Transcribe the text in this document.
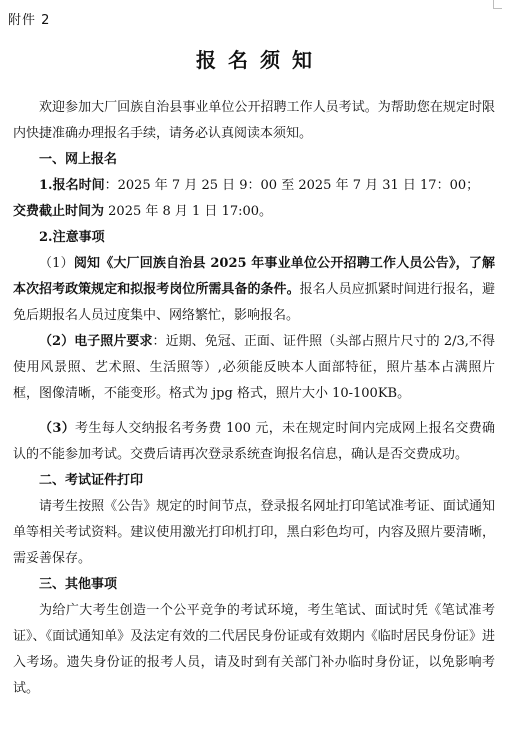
附件 2
报名须知

欢迎参加大厂回族自治县事业单位公开招聘工作人员考试。为帮助您在规定时限内快捷准确办理报名手续，请务必认真阅读本须知。

一、网上报名

1.报名时间：2025 年 7 月 25 日 9：00 至 2025 年 7 月 31 日 17：00；
交费截止时间为 2025 年 8 月 1 日 17:00。

2.注意事项

（1）阅知《大厂回族自治县 2025 年事业单位公开招聘工作人员公告》，了解本次招考政策规定和拟报考岗位所需具备的条件。报名人员应抓紧时间进行报名，避免后期报名人员过度集中、网络繁忙，影响报名。

（2）电子照片要求：近期、免冠、正面、证件照（头部占照片尺寸的 2/3,不得使用风景照、艺术照、生活照等）,必须能反映本人面部特征，照片基本占满照片框，图像清晰，不能变形。格式为 jpg 格式，照片大小 10-100KB。

（3）考生每人交纳报名考务费 100 元，未在规定时间内完成网上报名交费确认的不能参加考试。交费后请再次登录系统查询报名信息，确认是否交费成功。

二、考试证件打印

请考生按照《公告》规定的时间节点，登录报名网址打印笔试准考证、面试通知单等相关考试资料。建议使用激光打印机打印，黑白彩色均可，内容及照片要清晰，需妥善保存。

三、其他事项

为给广大考生创造一个公平竞争的考试环境，考生笔试、面试时凭《笔试准考证》、《面试通知单》及法定有效的二代居民身份证或有效期内《临时居民身份证》进入考场。遗失身份证的报考人员，请及时到有关部门补办临时身份证，以免影响考试。
